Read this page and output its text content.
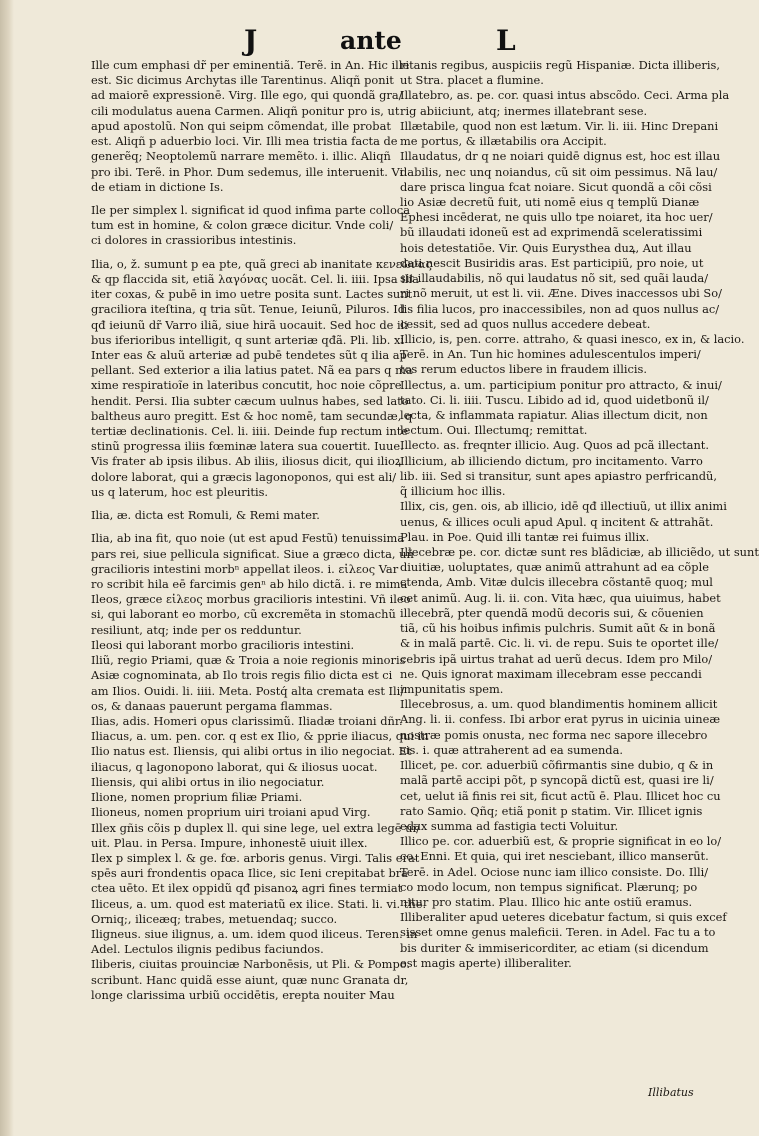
J	ante	L
Ille cum emphasi dr̃ per eminentiã. Terẽ. in An. Hic ille
est. Sic dicimus Archytas ille Tarentinus. Aliqñ ponit
ad maiorē expressionē. Virg. Ille ego, qui quondã gra/
cili modulatus auena Carmen. Aliqñ ponitur pro is, ut
apud apostolũ. Non qui seipm cõmendat, ille probat
est. Aliqñ p aduerbio loci. Vir. Illi mea tristia facta de
generẽq; Neoptolemũ narrare memẽto. i. illic. Aliqñ
pro ibi. Terẽ. in Phor. Dum sedemus, ille interuenit. Vi
de etiam in dictione Is.
Ile per simplex l. significat id quod infima parte colloca
tum est in homine, & colon græce dicitur. Vnde coli/
ci dolores in crassioribus intestinis.
Ilia, o, ž. sumunt p ea pte, quã greci ab inanitate κενεῶνας
& qp flaccida sit, etiã λαγόνας uocãt. Cel. li. iiii. Ipsa ilia
iter coxas, & pubē in imo uetre posita sunt. Lactes sunt
graciliora iteſtina, q tria sũt. Tenue, Ieiunũ, Piluros. Id
qđ ieiunũ dr̃ Varro iliã, siue hirã uocauit. Sed hoc de ili
bus iferioribus intelligit, q sunt arteriæ qđã. Pli. lib. xi
Inter eas & aluũ arteriæ ad pubē tendetes sũt q ilia ap
pellant. Sed exterior a ilia latius patet. Nã ea pars q ma
xime respiratioĩe in lateribus concutit, hoc noie cõpre
hendit. Persi. Ilia subter cæcum uulnus habes, sed lato
baltheus auro pregitt. Est & hoc nomē, tam secundæ, q
tertiæ declinationis. Cel. li. iiii. Deinde fup rectum inte
stinũ progressa iliis fœminæ latera sua couertit. Iuue.
Vis frater ab ipsis ilibus. Ab iliis, iliosus dicit, qui ilioꝝ
dolore laborat, qui a græcis lagonoponos, qui est ali/
us q laterum, hoc est pleuritis.
Ilia, æ. dicta est Romuli, & Remi mater.
Ilia, ab ina fit, quo noie (ut est apud Festũ) tenuissima
pars rei, siue pellicula significat. Siue a græco dicta, uñ
gracilioris intestini morbⁿ appellat ileos. i. εἰλεος Var
ro scribit hila eē farcimis genⁿ ab hilo dictã. i. re mima
Ileos, græce εἰλεος morbus gracilioris intestini. Vñ ileo
si, qui laborant eo morbo, cũ excremẽta in stomachũ
resiliunt, atq; inde per os redduntur.
Ileosi qui laborant morbo gracilioris intestini.
Iliũ, regio Priami, quæ & Troia a noie regionis minoris
Asiæ cognominata, ab Ilo trois regis filio dicta est ci
am Ilios. Ouidi. li. iiii. Meta. Postq́ alta cremata est Ili/
os, & danaas pauerunt pergama flammas.
Ilias, adis. Homeri opus clarissimũ. Iliadæ troiani dñr.
Iliacus, a. um. pen. cor. q est ex Ilio, & pprie iliacus, qui in
Ilio natus est. Iliensis, qui alibi ortus in ilio negociat. Et
iliacus, q lagonopono laborat, qui & iliosus uocat.
Iliensis, qui alibi ortus in ilio negociatur.
Ilione, nomen proprium filiæ Priami.
Ilioneus, nomen proprium uiri troiani apud Virg.
Illex gñis cõis p duplex ll. qui sine lege, uel extra legē ui/
uit. Plau. in Persa. Impure, inhonestē uiuit illex.
Ilex p simplex l. & ge. fœ. arboris genus. Virgi. Talis erat
spēs auri frondentis opaca Ilice, sic Ieni crepitabat bra
ctea uēto. Et ilex oppidũ qđ pisanoꝝ agri fines termiat
Iliceus, a. um. quod est materiatũ ex ilice. Stati. li. vi. the.
Orniq;, iliceæq; trabes, metuendaq; succo.
Iligneus. siue ilignus, a. um. idem quod iliceus. Teren. in
Adel. Lectulos ilignis pedibus faciundos.
Iliberis, ciuitas prouinciæ Narbonēsis, ut Pli. & Pompo.
scribunt. Hanc quidã esse aiunt, quæ nunc Granata dr,
longe clarissima urbiũ occidētis, erepta nouiter Mau
ritanis regibus, auspiciis regũ Hispaniæ. Dicta illiberis,
ut Stra. placet a flumine.
Illatebro, as. pe. cor. quasi intus abscõdo. Ceci. Arma pla
rig abiiciunt, atq; inermes illatebrant sese.
Illætabile, quod non est lætum. Vir. li. iii. Hinc Drepani
me portus, & illætabilis ora Accipit.
Illaudatus, dr q ne noiari quidē dignus est, hoc est illau
dabilis, nec unq noiandus, cũ sit oim pessimus. Nã lau/
dare prisca lingua fcat noiare. Sicut quondã a cõi cõsi
lio Asiæ decretũ fuit, uti nomē eius q templũ Dianæ
Ephesi incēderat, ne quis ullo tpe noiaret, ita hoc uer/
bũ illaudati idoneũ est ad exprimendã sceleratissimi
hois detestatiōe. Vir. Quis Eurysthea duꝝ, Aut illau
dati nescit Busiridis aras. Est participiũ, pro noie, ut
sit illaudabilis, nõ qui laudatus nõ sit, sed quãi lauda/
ri nõ meruit, ut est li. vii. Æne. Dives inaccessos ubi So/
lis filia lucos, pro inaccessibiles, non ad quos nullus ac/
cessit, sed ad quos nullus accedere debeat.
Illicio, is, pen. corre. attraho, & quasi inesco, ex in, & lacio.
Terē. in An. Tun hic homines adulescentulos imperi/
tos rerum eductos libere in fraudem illicis.
Illectus, a. um. participium ponitur pro attracto, & inui/
tato. Ci. li. iiii. Tuscu. Libido ad id, quod uidetbonũ il/
lecta, & inflammata rapiatur. Alias illectum dicit, non
lectum. Oui. Illectumq; remittat.
Illecto. as. freqnter illicio. Aug. Quos ad pcã illectant.
Illicium, ab illiciendo dictum, pro incitamento. Varro
lib. iii. Sed si transitur, sunt apes apiastro perfricandũ,
q̃ illicium hoc illis.
Illix, cis, gen. ois, ab illicio, idē qđ illectiuũ, ut illix animi
uenus, & illices oculi apud Apul. q incitent & attrahãt.
Plau. in Poe. Quid illi tantæ rei fuimus illix.
Illecebræ pe. cor. dictæ sunt res blãdiciæ, ab illiciẽdo, ut sunt
diuitiæ, uoluptates, quæ animũ attrahunt ad ea cõple
ctenda, Amb. Vitæ dulcis illecebra cõstantē quoq; mul
cet animũ. Aug. li. ii. con. Vita hæc, qua uiuimus, habet
illecebrã, pter quendã modũ decoris sui, & cõuenien
tiã, cũ his hoibus infimis pulchris. Sumit aũt & in bonã
& in malã partē. Cic. li. vi. de repu. Suis te oportet ille/
cebris ipã uirtus trahat ad uerũ decus. Idem pro Milo/
ne. Quis ignorat maximam illecebram esse peccandi
impunitatis spem.
Illecebrosus, a. um. quod blandimentis hominem allicit
Ang. li. ii. confess. Ibi arbor erat pyrus in uicinia uineæ
nostræ pomis onusta, nec forma nec sapore illecebro
sis. i. quæ attraherent ad ea sumenda.
Illicet, pe. cor. aduerbiũ cõfirmantis sine dubio, q & in
malã partē accipi põt, p syncopã dictũ est, quasi ire li/
cet, uelut iã finis rei sit, ficut actũ ē. Plau. Illicet hoc cu
rato Samio. Qñq; etiã ponit p statim. Vir. Illicet ignis
edax summa ad fastigia tecti Voluitur.
Illico pe. cor. aduerbiũ est, & proprie significat in eo lo/
co. Enni. Et quia, qui iret nesciebant, illico manserūt.
Terē. in Adel. Ociose nunc iam illico consiste. Do. Illi/
co modo locum, non tempus significat. Plærunq; po
nitur pro statim. Plau. Illico hic ante ostiũ eramus.
Illiberaliter apud ueteres dicebatur factum, si quis excef
sisset omne genus maleficii. Teren. in Adel. Fac tu a to
bis duriter & immisericorditer, ac etiam (si dicendum
est magis aperte) illiberaliter.
Illibatus
